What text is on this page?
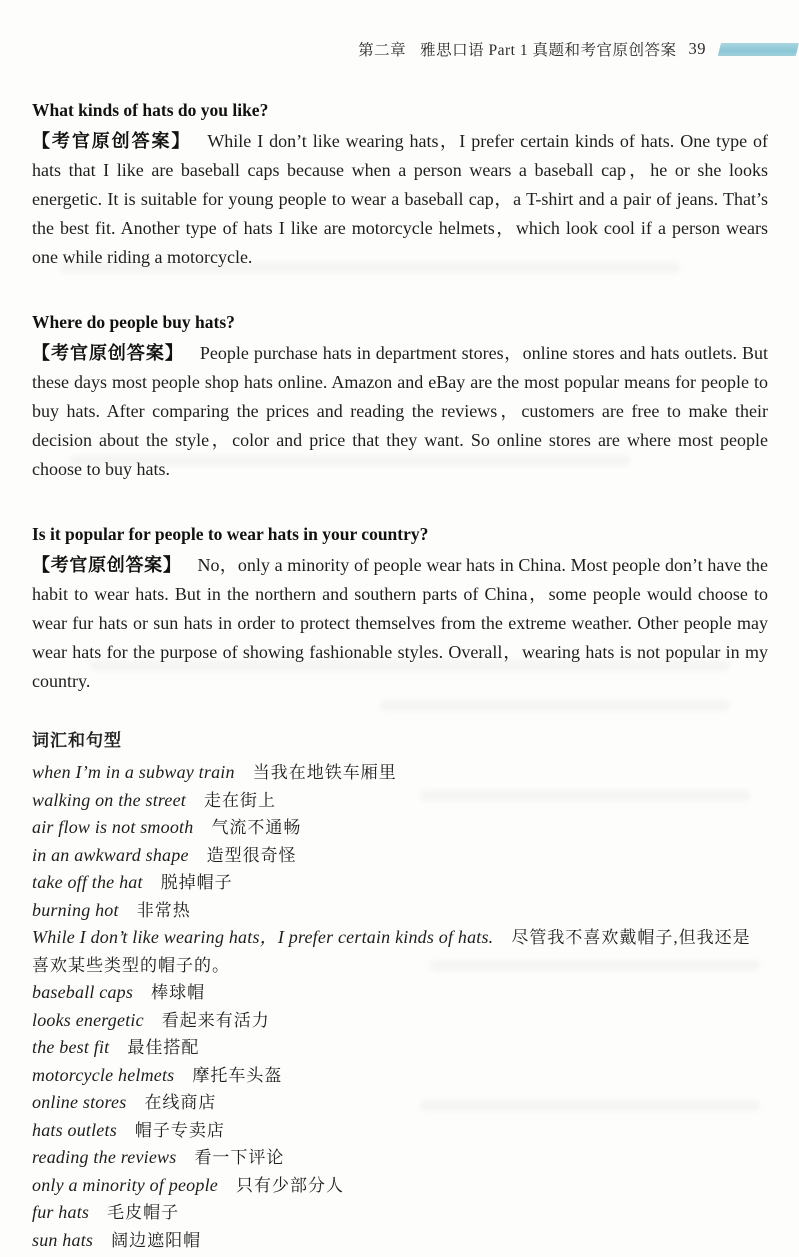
第二章 雅思口语 Part 1 真题和考官原创答案 39
What kinds of hats do you like?
【考官原创答案】 While I don’t like wearing hats，I prefer certain kinds of hats. One type of hats that I like are baseball caps because when a person wears a baseball cap，he or she looks energetic. It is suitable for young people to wear a baseball cap，a T-shirt and a pair of jeans. That’s the best fit. Another type of hats I like are motorcycle helmets，which look cool if a person wears one while riding a motorcycle.
Where do people buy hats?
【考官原创答案】 People purchase hats in department stores，online stores and hats outlets. But these days most people shop hats online. Amazon and eBay are the most popular means for people to buy hats. After comparing the prices and reading the reviews，customers are free to make their decision about the style，color and price that they want. So online stores are where most people choose to buy hats.
Is it popular for people to wear hats in your country?
【考官原创答案】 No，only a minority of people wear hats in China. Most people don’t have the habit to wear hats. But in the northern and southern parts of China，some people would choose to wear fur hats or sun hats in order to protect themselves from the extreme weather. Other people may wear hats for the purpose of showing fashionable styles. Overall，wearing hats is not popular in my country.
词汇和句型
when I’m in a subway train 当我在地铁车厢里
walking on the street 走在街上
air flow is not smooth 气流不通畅
in an awkward shape 造型很奇怪
take off the hat 脱掉帽子
burning hot 非常热
While I don’t like wearing hats，I prefer certain kinds of hats. 尽管我不喜欢戴帽子,但我还是喜欢某些类型的帽子的。
baseball caps 棒球帽
looks energetic 看起来有活力
the best fit 最佳搭配
motorcycle helmets 摩托车头盔
online stores 在线商店
hats outlets 帽子专卖店
reading the reviews 看一下评论
only a minority of people 只有少部分人
fur hats 毛皮帽子
sun hats 阔边遮阳帽
